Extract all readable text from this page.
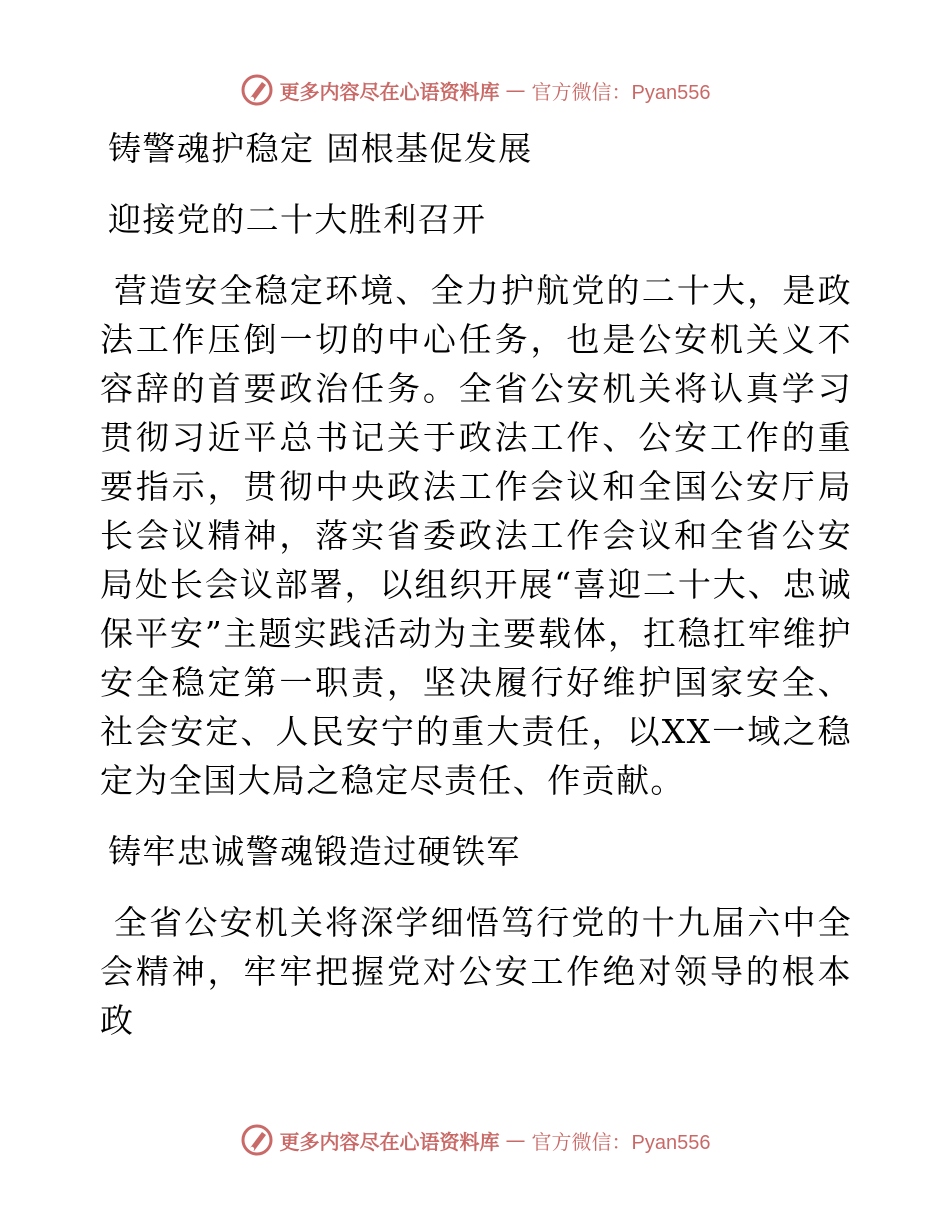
更多内容尽在心语资料库 — 官方微信：Pyan556
铸警魂护稳定 固根基促发展
迎接党的二十大胜利召开
营造安全稳定环境、全力护航党的二十大，是政法工作压倒一切的中心任务，也是公安机关义不容辞的首要政治任务。全省公安机关将认真学习贯彻习近平总书记关于政法工作、公安工作的重要指示，贯彻中央政法工作会议和全国公安厅局长会议精神，落实省委政法工作会议和全省公安局处长会议部署，以组织开展“喜迎二十大、忠诚保平安”主题实践活动为主要载体，扛稳扛牢维护安全稳定第一职责，坚决履行好维护国家安全、社会安定、人民安宁的重大责任，以XX一域之稳定为全国大局之稳定尽责任、作贡献。
铸牢忠诚警魂锻造过硬铁军
全省公安机关将深学细悟笃行党的十九届六中全会精神，牢牢把握党对公安工作绝对领导的根本政
更多内容尽在心语资料库 — 官方微信：Pyan556
